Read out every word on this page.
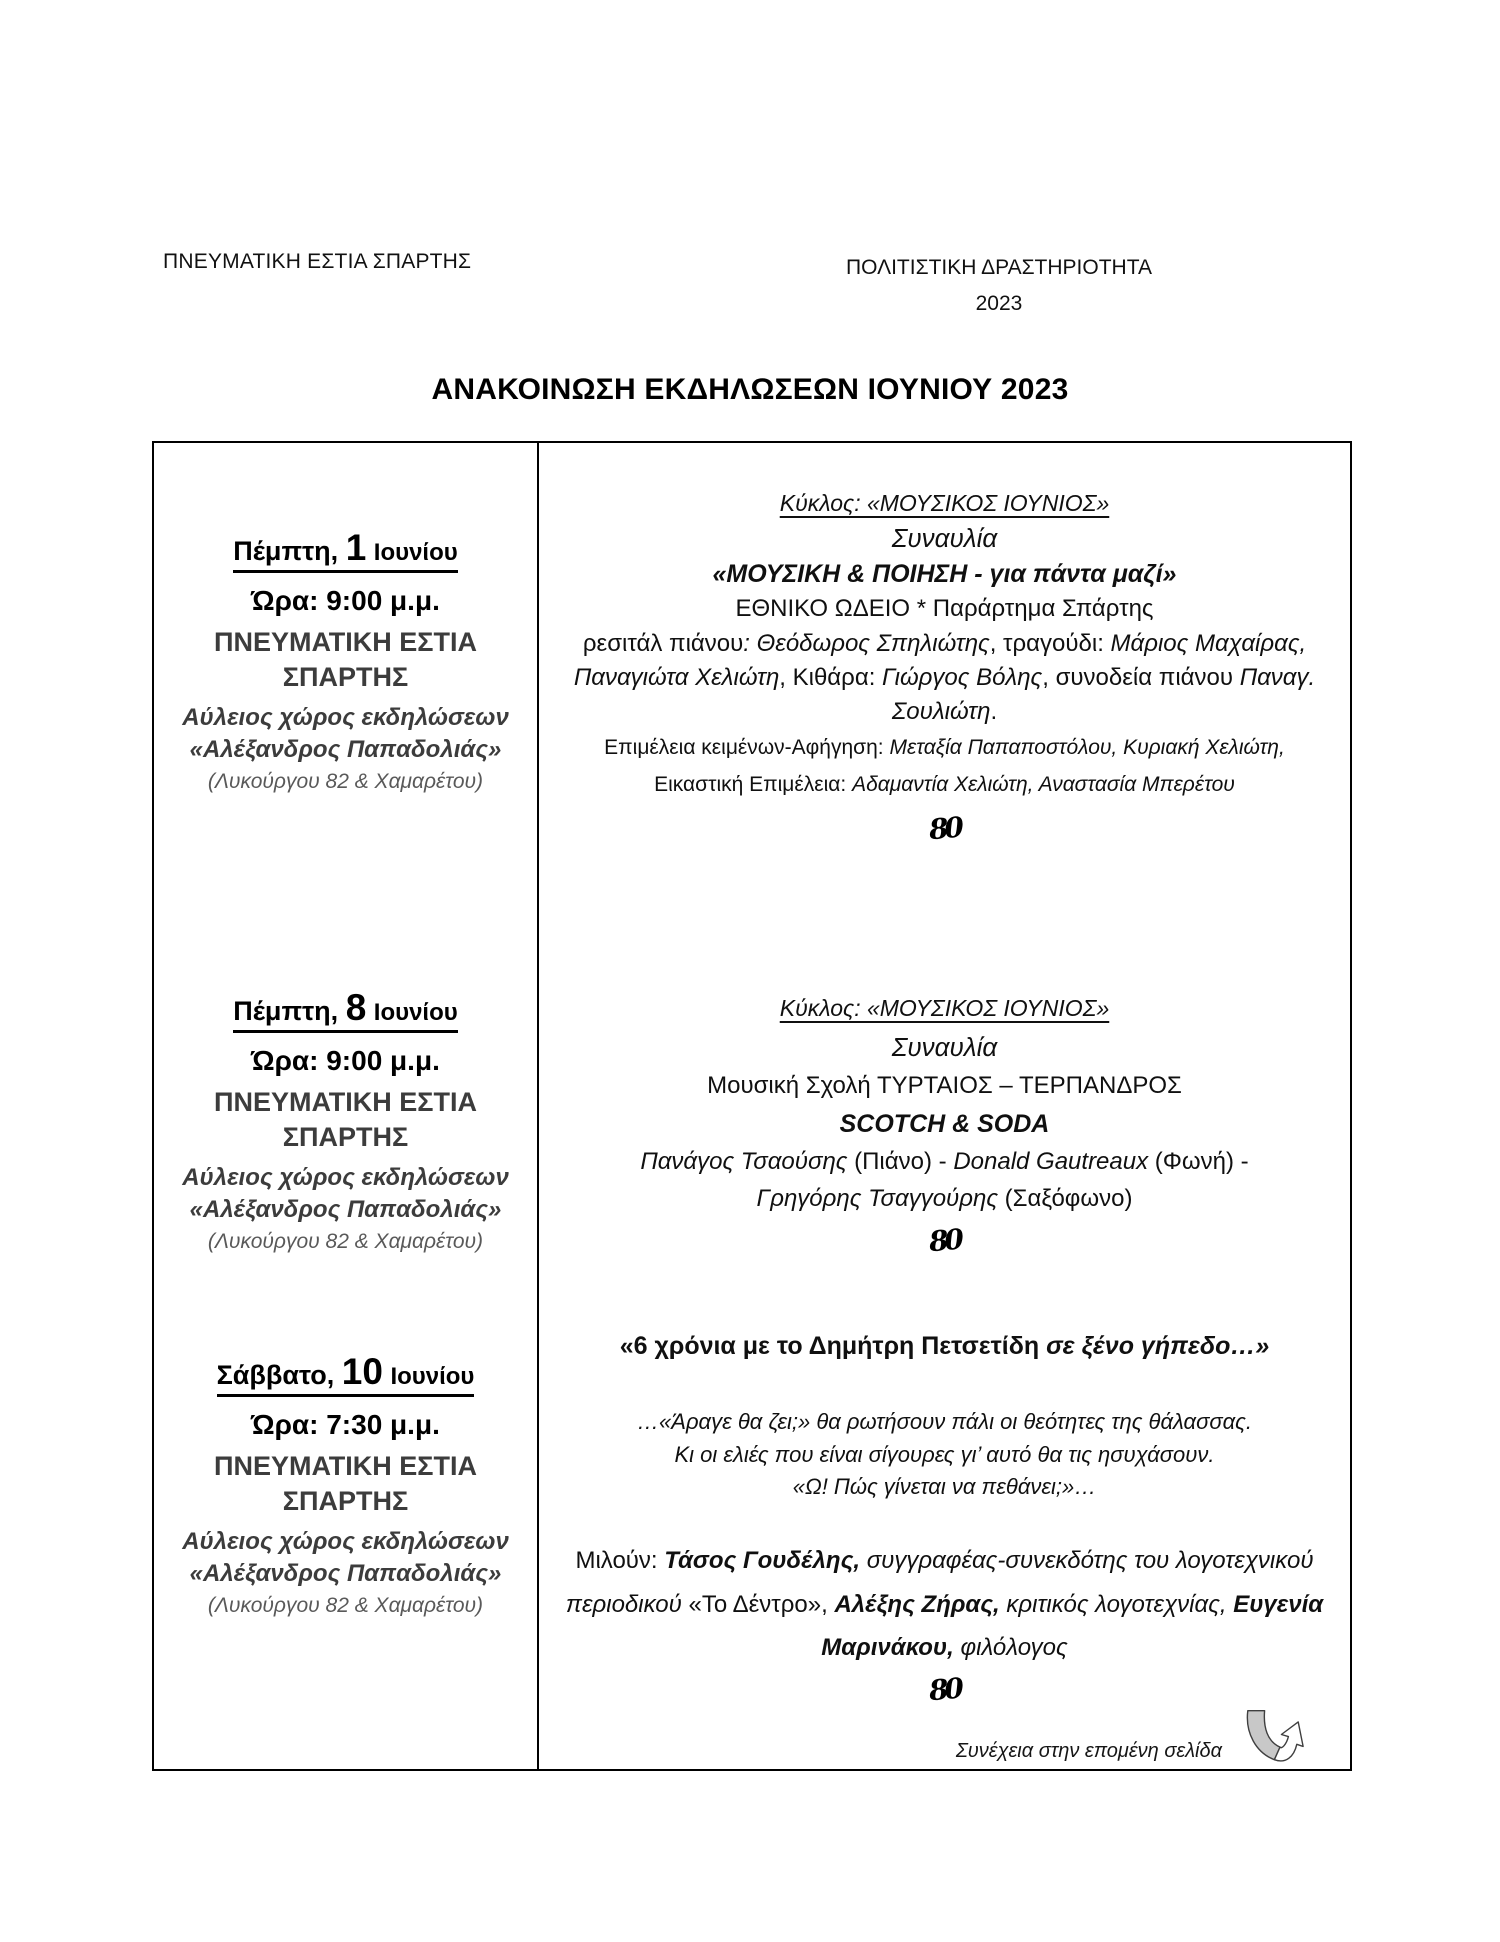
ΠΝΕΥΜΑΤΙΚΗ ΕΣΤΙΑ ΣΠΑΡΤΗΣ	ΠΟΛΙΤΙΣΤΙΚΗ ΔΡΑΣΤΗΡΙΟΤΗΤΑ
2023
ΑΝΑΚΟΙΝΩΣΗ ΕΚΔΗΛΩΣΕΩΝ ΙΟΥΝΙΟΥ 2023
Πέμπτη, 1 Ιουνίου
Ώρα: 9:00 μ.μ.
ΠΝΕΥΜΑΤΙΚΗ ΕΣΤΙΑ ΣΠΑΡΤΗΣ
Αύλειος χώρος εκδηλώσεων «Αλέξανδρος Παπαδολιάς»
(Λυκούργου 82 & Χαμαρέτου)
Κύκλος: «ΜΟΥΣΙΚΟΣ ΙΟΥΝΙΟΣ»
Συναυλία
«ΜΟΥΣΙΚΗ & ΠΟΙΗΣΗ - για πάντα μαζί»
ΕΘΝΙΚΟ ΩΔΕΙΟ * Παράρτημα Σπάρτης
ρεσιτάλ πιάνου: Θεόδωρος Σπηλιώτης, τραγούδι: Μάριος Μαχαίρας, Παναγιώτα Χελιώτη, Κιθάρα: Γιώργος Βόλης, συνοδεία πιάνου Παναγ. Σουλιώτη.
Επιμέλεια κειμένων-Αφήγηση: Μεταξία Παπαποστόλου, Κυριακή Χελιώτη,
Εικαστική Επιμέλεια: Αδαμαντία Χελιώτη, Αναστασία Μπερέτου
80
Πέμπτη, 8 Ιουνίου
Ώρα: 9:00 μ.μ.
ΠΝΕΥΜΑΤΙΚΗ ΕΣΤΙΑ ΣΠΑΡΤΗΣ
Αύλειος χώρος εκδηλώσεων «Αλέξανδρος Παπαδολιάς»
(Λυκούργου 82 & Χαμαρέτου)
Κύκλος: «ΜΟΥΣΙΚΟΣ ΙΟΥΝΙΟΣ»
Συναυλία
Μουσική Σχολή ΤΥΡΤΑΙΟΣ – ΤΕΡΠΑΝΔΡΟΣ
SCOTCH & SODA
Πανάγος Τσαούσης (Πιάνο) - Donald Gautreaux (Φωνή) -
Γρηγόρης Τσαγγούρης (Σαξόφωνο)
80
Σάββατο, 10 Ιουνίου
Ώρα: 7:30 μ.μ.
ΠΝΕΥΜΑΤΙΚΗ ΕΣΤΙΑ ΣΠΑΡΤΗΣ
Αύλειος χώρος εκδηλώσεων «Αλέξανδρος Παπαδολιάς»
(Λυκούργου 82 & Χαμαρέτου)
«6 χρόνια με το Δημήτρη Πετσετίδη σε ξένο γήπεδο…»
…«Άραγε θα ζει;» θα ρωτήσουν πάλι οι θεότητες της θάλασσας.
Κι οι ελιές που είναι σίγουρες γι’ αυτό θα τις ησυχάσουν.
«Ω! Πώς γίνεται να πεθάνει;»…
Μιλούν: Τάσος Γουδέλης, συγγραφέας-συνεκδότης του λογοτεχνικού περιοδικού «Το Δέντρο», Αλέξης Ζήρας, κριτικός λογοτεχνίας, Ευγενία Μαρινάκου, φιλόλογος
80
Συνέχεια στην επομένη σελίδα
